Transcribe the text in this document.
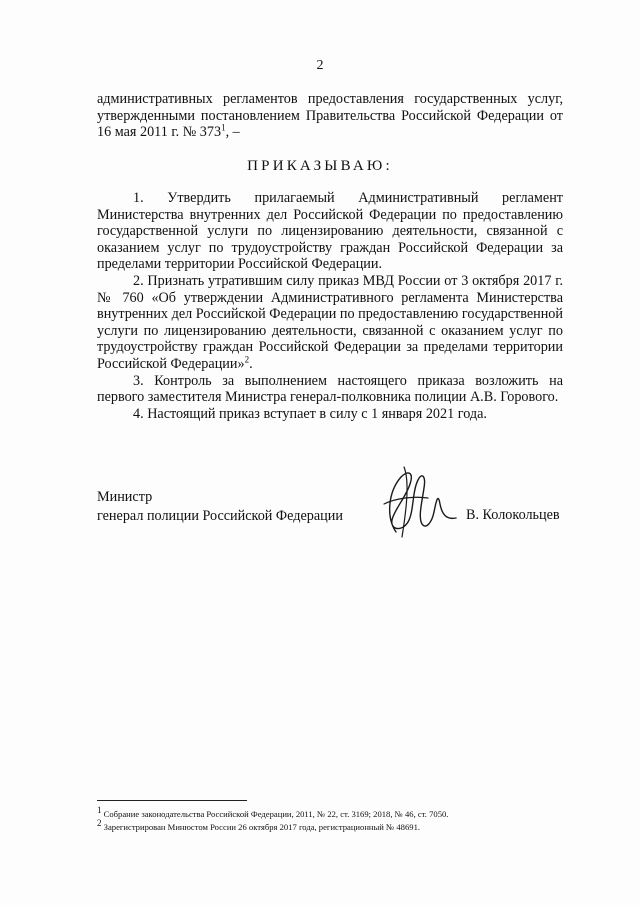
2
административных регламентов предоставления государственных услуг, утвержденными постановлением Правительства Российской Федерации от 16 мая 2011 г. № $373^1$, –
ПРИКАЗЫВАЮ:

1. Утвердить прилагаемый Административный регламент Министерства внутренних дел Российской Федерации по предоставлению государственной услуги по лицензированию деятельности, связанной с оказанием услуг по трудоустройству граждан Российской Федерации за пределами территории Российской Федерации.

2. Признать утратившим силу приказ МВД России от 3 октября 2017 г. № 760 «Об утверждении Административного регламента Министерства внутренних дел Российской Федерации по предоставлению государственной услуги по лицензированию деятельности, связанной с оказанием услуг по трудоустройству граждан Российской Федерации за пределами территории Российской Федерации»$^2$.

3. Контроль за выполнением настоящего приказа возложить на первого заместителя Министра генерал-полковника полиции А.В. Горового.

4. Настоящий приказ вступает в силу с 1 января 2021 года.

Министр
генерал полиции Российской Федерации	В. Колокольцев

$^1$ Собрание законодательства Российской Федерации, 2011, № 22, ст. 3169; 2018, № 46, ст. 7050.

$^2$ Зарегистрирован Минюстом России 26 октября 2017 года, регистрационный № 48691.
